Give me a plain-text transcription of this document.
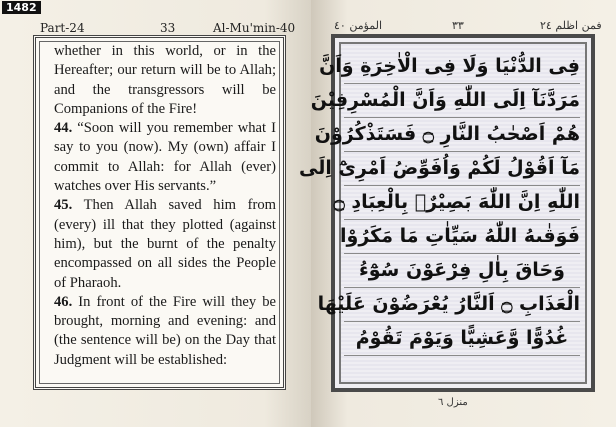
1482
Part-24	33	Al-Mu'min-40

whether in this world, or in the Hereafter; our return will be to Allah; and the transgressors will be Companions of the Fire!

44. “Soon will you remember what I say to you (now). My (own) affair I commit to Allah: for Allah (ever) watches over His servants.”

45. Then Allah saved him from (every) ill that they plotted (against him), but the burnt of the penalty encompassed on all sides the People of Pharaoh.

46. In front of the Fire will they be brought, morning and evening: and (the sentence will be) on the Day that Judgment will be established:

المؤمن ٤٠	٣٣	فمن اظلم ٢٤
فِى الدُّنْيَا وَلَا فِى الْاٰخِرَةِ وَاَنَّ
مَرَدَّنَآ اِلَى اللّٰهِ وَاَنَّ الْمُسْرِفِيْنَ
هُمْ اَصْحٰبُ النَّارِ ۝ فَسَتَذْكُرُوْنَ
مَآ اَقُوْلُ لَكُمْ وَاُفَوِّضُ اَمْرِىْٓ اِلَى
اللّٰهِ اِنَّ اللّٰهَ بَصِيْرٌۢ بِالْعِبَادِ ۝
فَوَقٰىهُ اللّٰهُ سَيِّاٰتِ مَا مَكَرُوْا
وَحَاقَ بِاٰلِ فِرْعَوْنَ سُوْٓءُ
الْعَذَابِ ۝ اَلنَّارُ يُعْرَضُوْنَ عَلَيْهَا
غُدُوًّا وَّعَشِيًّا وَيَوْمَ تَقُوْمُ
منزل ٦
